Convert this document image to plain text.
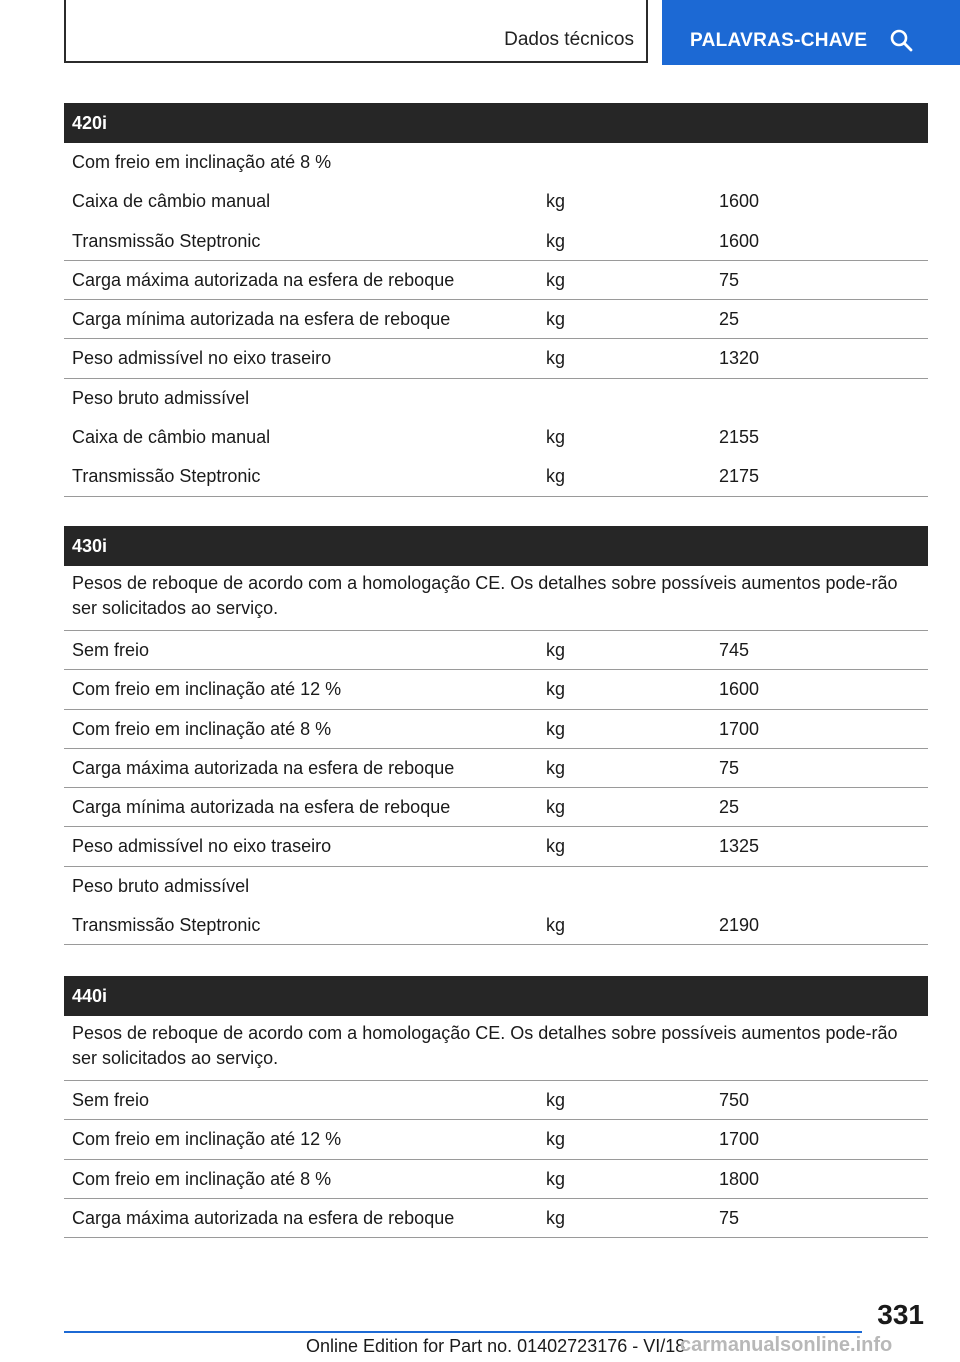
Dados técnicos	PALAVRAS-CHAVE
420i
Com freio em inclinação até 8 %
Caixa de câmbio manual	kg	1600
Transmissão Steptronic	kg	1600
Carga máxima autorizada na esfera de reboque	kg	75
Carga mínima autorizada na esfera de reboque	kg	25
Peso admissível no eixo traseiro	kg	1320
Peso bruto admissível
Caixa de câmbio manual	kg	2155
Transmissão Steptronic	kg	2175
430i
Pesos de reboque de acordo com a homologação CE. Os detalhes sobre possíveis aumentos pode-rão ser solicitados ao serviço.
Sem freio	kg	745
Com freio em inclinação até 12 %	kg	1600
Com freio em inclinação até 8 %	kg	1700
Carga máxima autorizada na esfera de reboque	kg	75
Carga mínima autorizada na esfera de reboque	kg	25
Peso admissível no eixo traseiro	kg	1325
Peso bruto admissível
Transmissão Steptronic	kg	2190
440i
Pesos de reboque de acordo com a homologação CE. Os detalhes sobre possíveis aumentos pode-rão ser solicitados ao serviço.
Sem freio	kg	750
Com freio em inclinação até 12 %	kg	1700
Com freio em inclinação até 8 %	kg	1800
Carga máxima autorizada na esfera de reboque	kg	75
331
Online Edition for Part no. 01402723176 - VI/18
carmanualsonline.info
